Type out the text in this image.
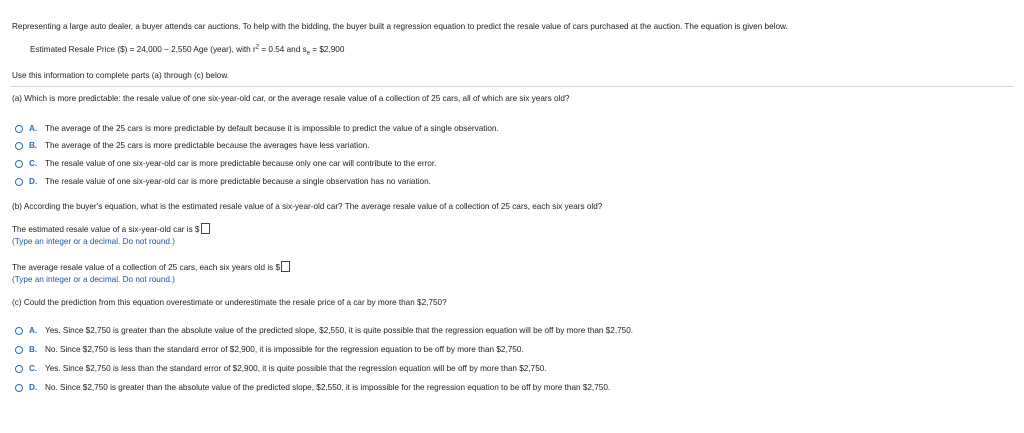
Representing a large auto dealer, a buyer attends car auctions. To help with the bidding, the buyer built a regression equation to predict the resale value of cars purchased at the auction. The equation is given below.
Estimated Resale Price ($) = 24,000 − 2,550 Age (year), with $r^2 = 0.54$ and $s_e$ = $2,900
Use this information to complete parts (a) through (c) below.
(a) Which is more predictable: the resale value of one six-year-old car, or the average resale value of a collection of 25 cars, all of which are six years old?
A. The average of the 25 cars is more predictable by default because it is impossible to predict the value of a single observation.
B. The average of the 25 cars is more predictable because the averages have less variation.
C. The resale value of one six-year-old car is more predictable because only one car will contribute to the error.
D. The resale value of one six-year-old car is more predictable because a single observation has no variation.
(b) According the buyer's equation, what is the estimated resale value of a six-year-old car? The average resale value of a collection of 25 cars, each six years old?
The estimated resale value of a six-year-old car is $
(Type an integer or a decimal. Do not round.)
The average resale value of a collection of 25 cars, each six years old is $
(Type an integer or a decimal. Do not round.)
(c) Could the prediction from this equation overestimate or underestimate the resale price of a car by more than $2,750?
A. Yes. Since $2,750 is greater than the absolute value of the predicted slope, $2,550, it is quite possible that the regression equation will be off by more than $2,750.
B. No. Since $2,750 is less than the standard error of $2,900, it is impossible for the regression equation to be off by more than $2,750.
C. Yes. Since $2,750 is less than the standard error of $2,900, it is quite possible that the regression equation will be off by more than $2,750.
D. No. Since $2,750 is greater than the absolute value of the predicted slope, $2,550, it is impossible for the regression equation to be off by more than $2,750.
